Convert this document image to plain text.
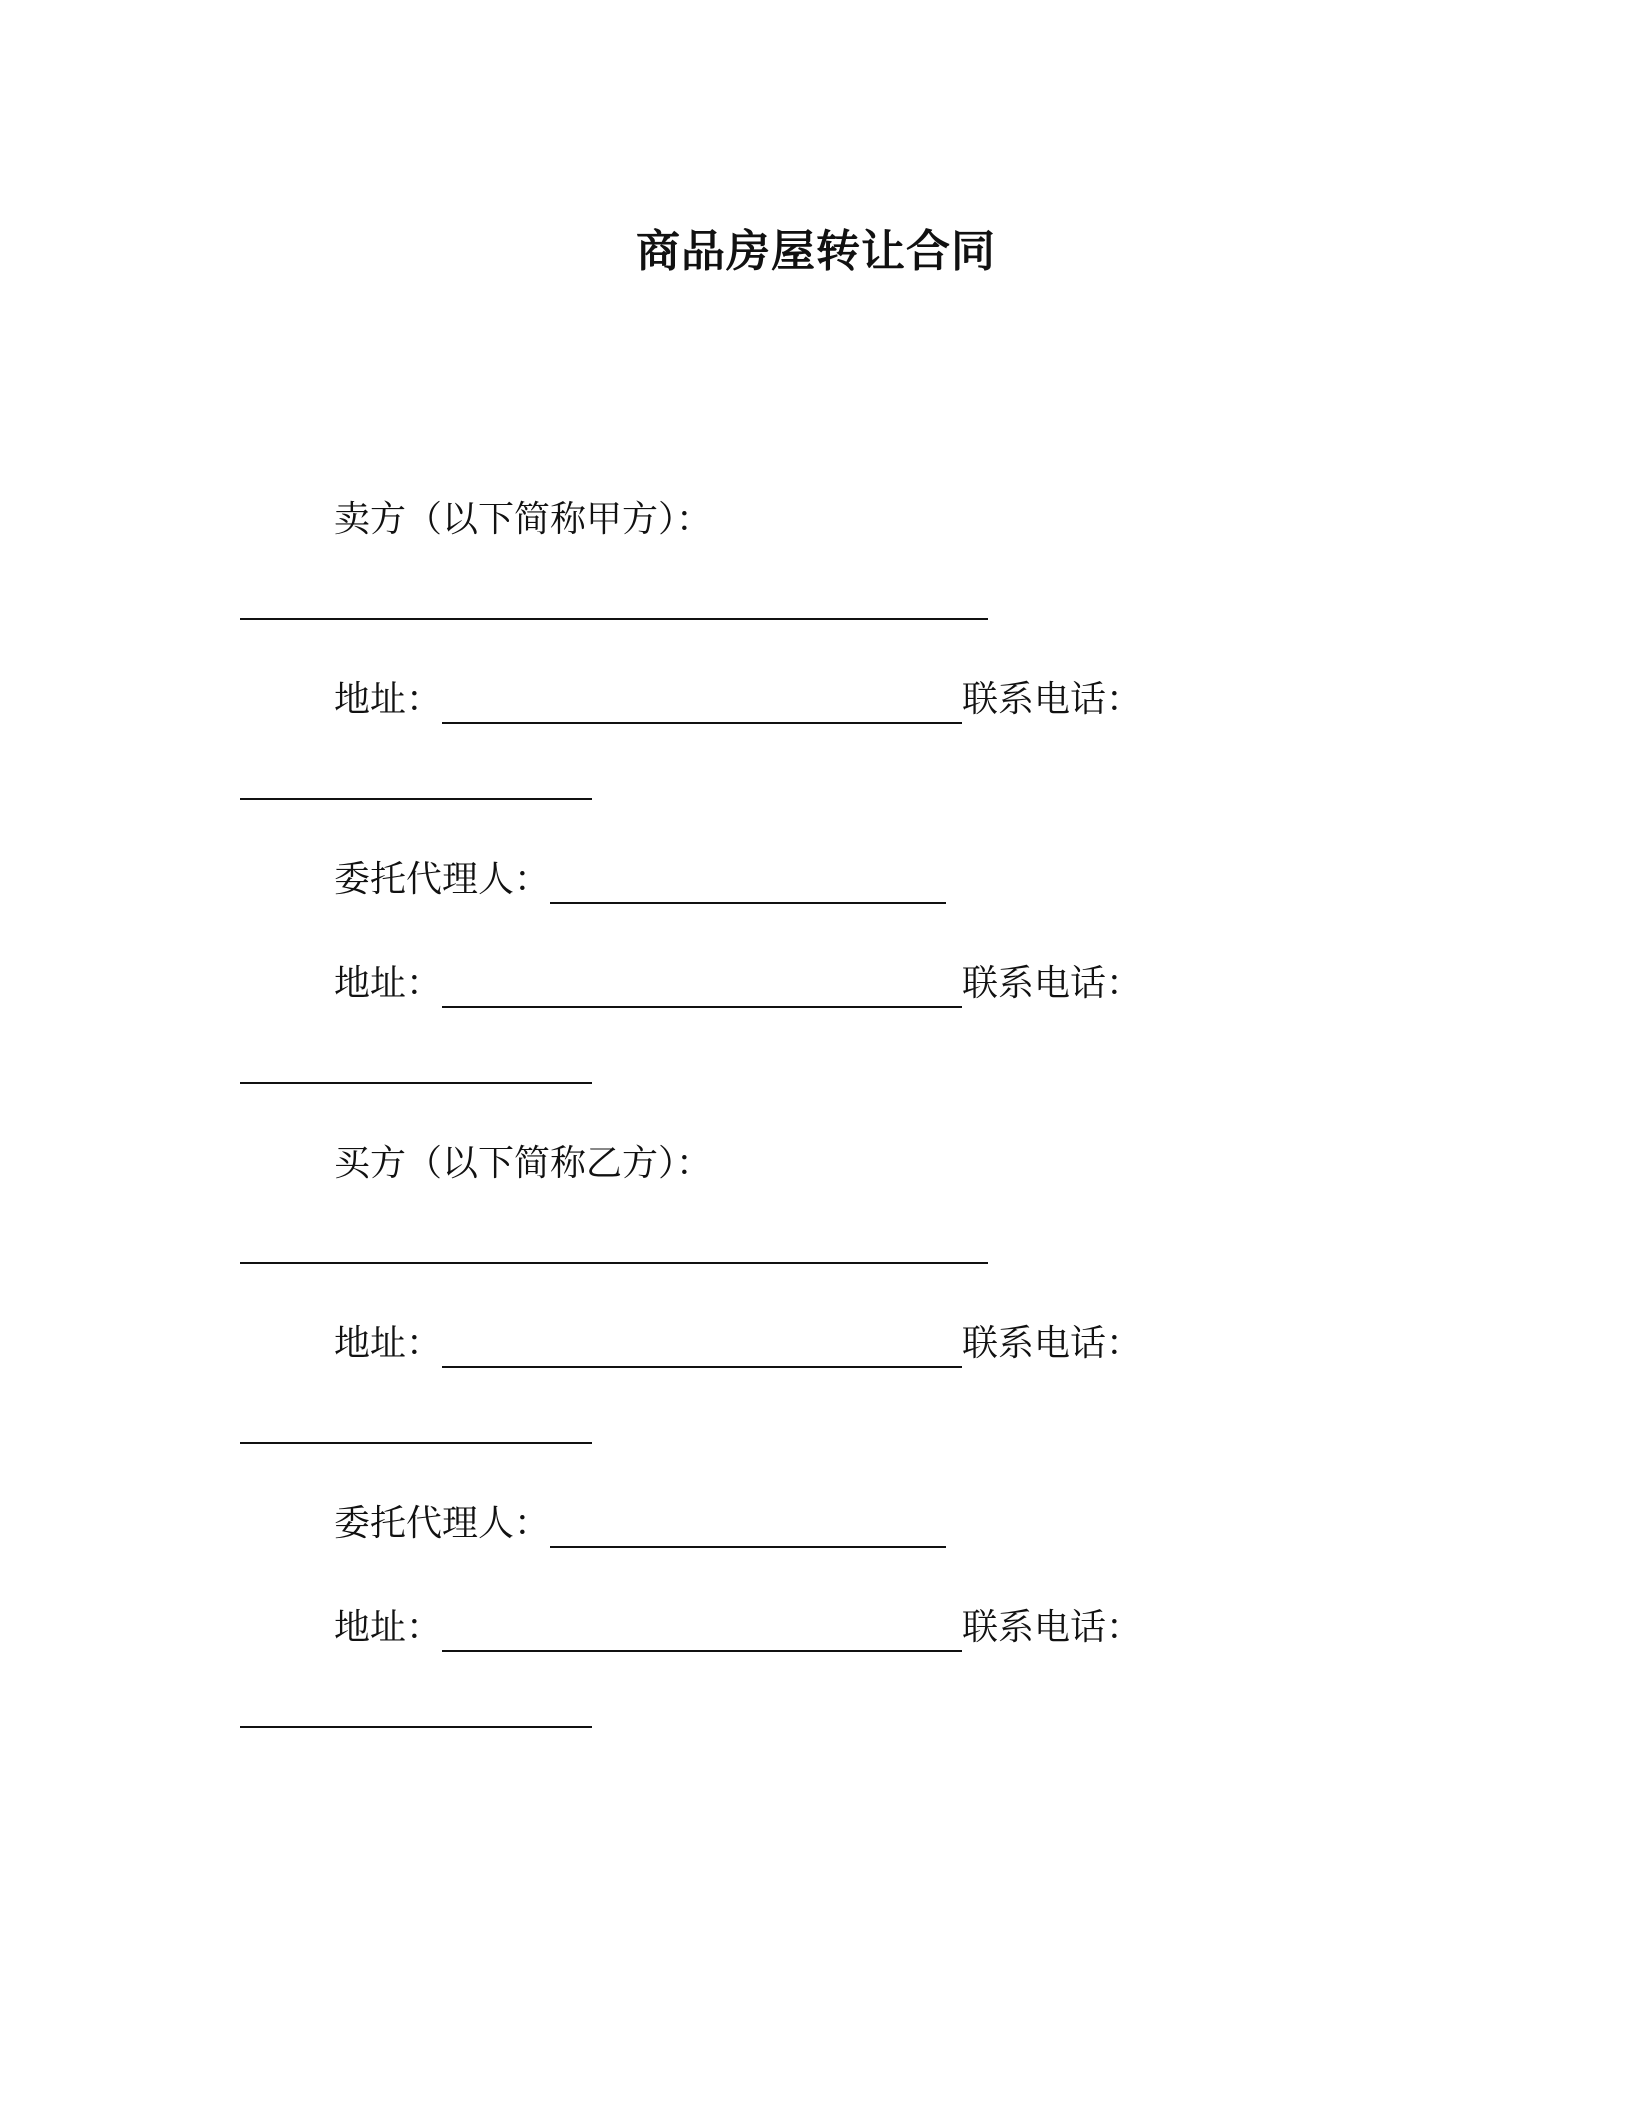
商品房屋转让合同
卖方（以下简称甲方）：
地址：	联系电话：
委托代理人：
地址：	联系电话：
买方（以下简称乙方）：
地址：	联系电话：
委托代理人：
地址：	联系电话：
